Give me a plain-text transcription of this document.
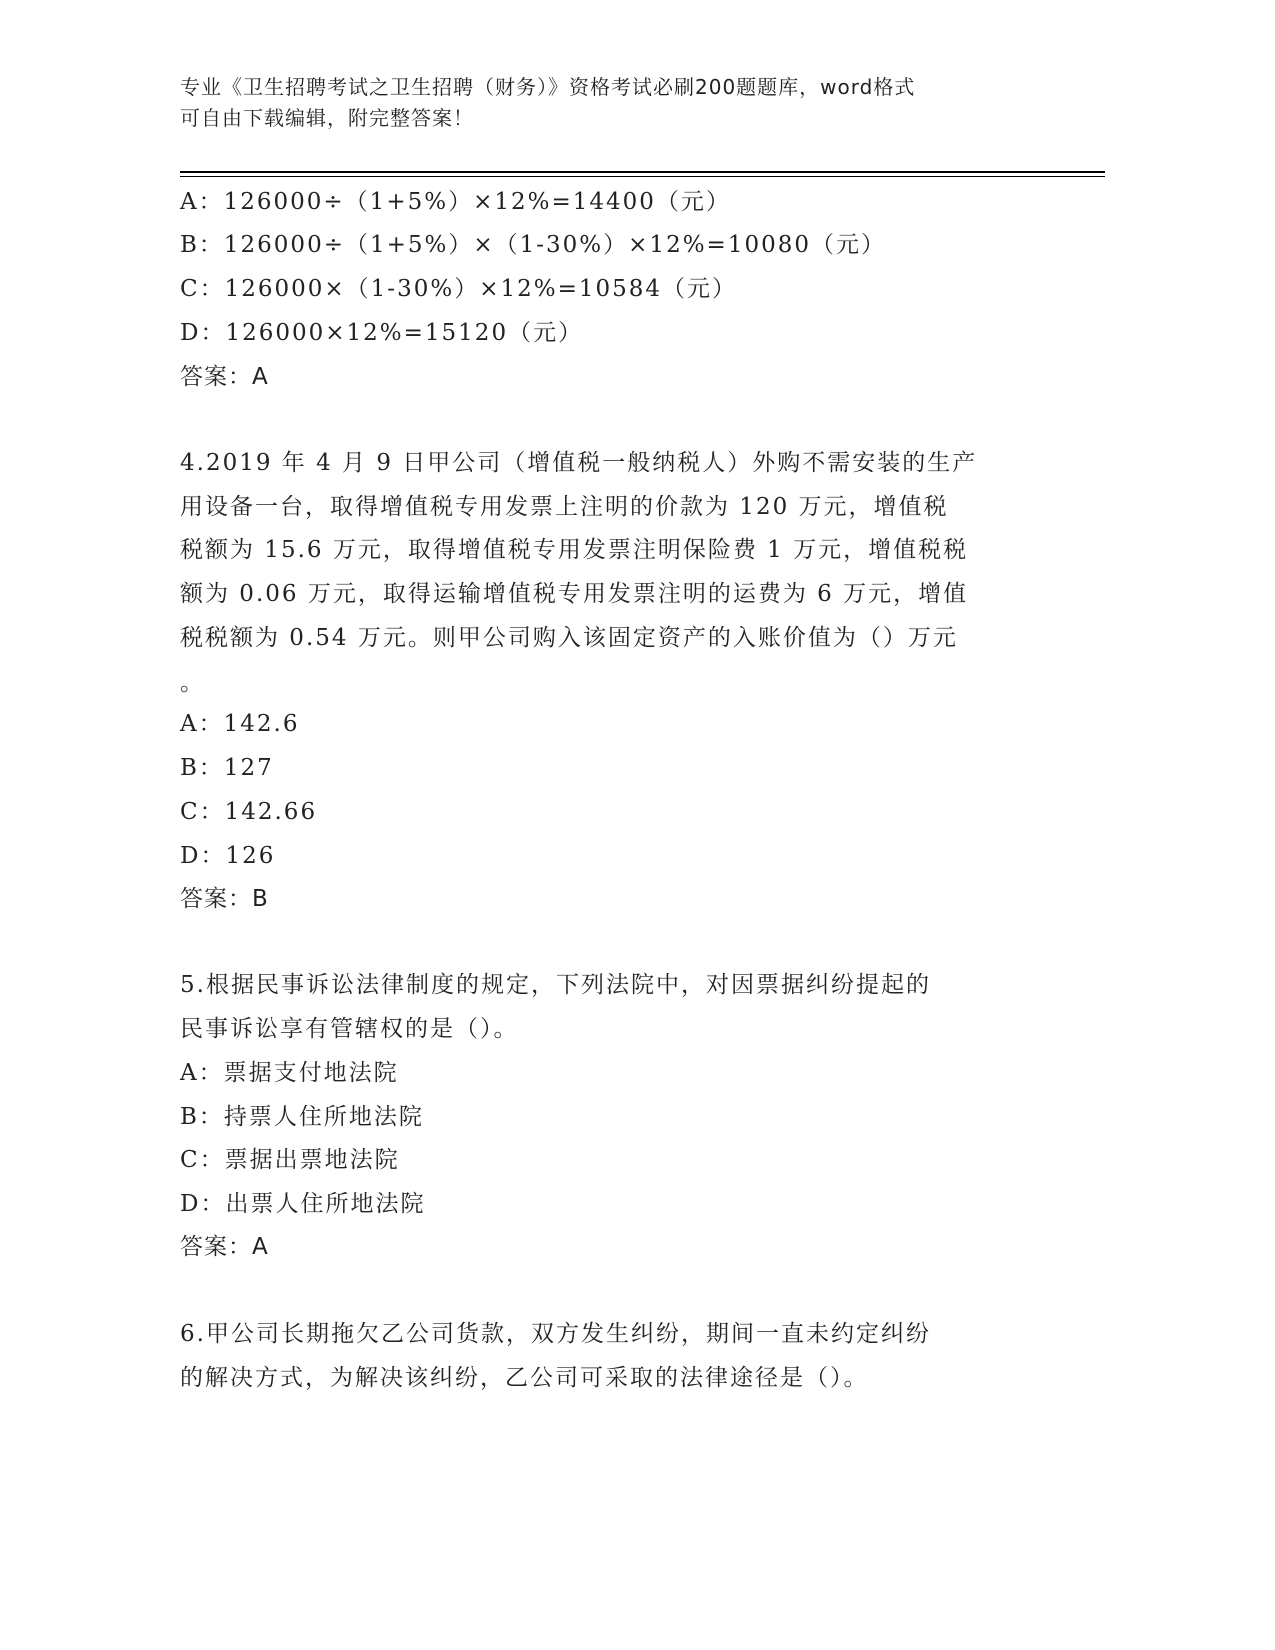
专业《卫生招聘考试之卫生招聘（财务）》资格考试必刷200题题库，word格式
可自由下载编辑，附完整答案！
A：126000÷（1+5%）×12%=14400（元）
B：126000÷（1+5%）×（1-30%）×12%=10080（元）
C：126000×（1-30%）×12%=10584（元）
D：126000×12%=15120（元）
答案：A
4.2019 年 4 月 9 日甲公司（增值税一般纳税人）外购不需安装的生产
用设备一台，取得增值税专用发票上注明的价款为 120 万元，增值税
税额为 15.6 万元，取得增值税专用发票注明保险费 1 万元，增值税税
额为 0.06 万元，取得运输增值税专用发票注明的运费为 6 万元，增值
税税额为 0.54 万元。则甲公司购入该固定资产的入账价值为（）万元
。
A：142.6
B：127
C：142.66
D：126
答案：B
5.根据民事诉讼法律制度的规定，下列法院中，对因票据纠纷提起的
民事诉讼享有管辖权的是（）。
A：票据支付地法院
B：持票人住所地法院
C：票据出票地法院
D：出票人住所地法院
答案：A
6.甲公司长期拖欠乙公司货款，双方发生纠纷，期间一直未约定纠纷
的解决方式，为解决该纠纷，乙公司可采取的法律途径是（）。
